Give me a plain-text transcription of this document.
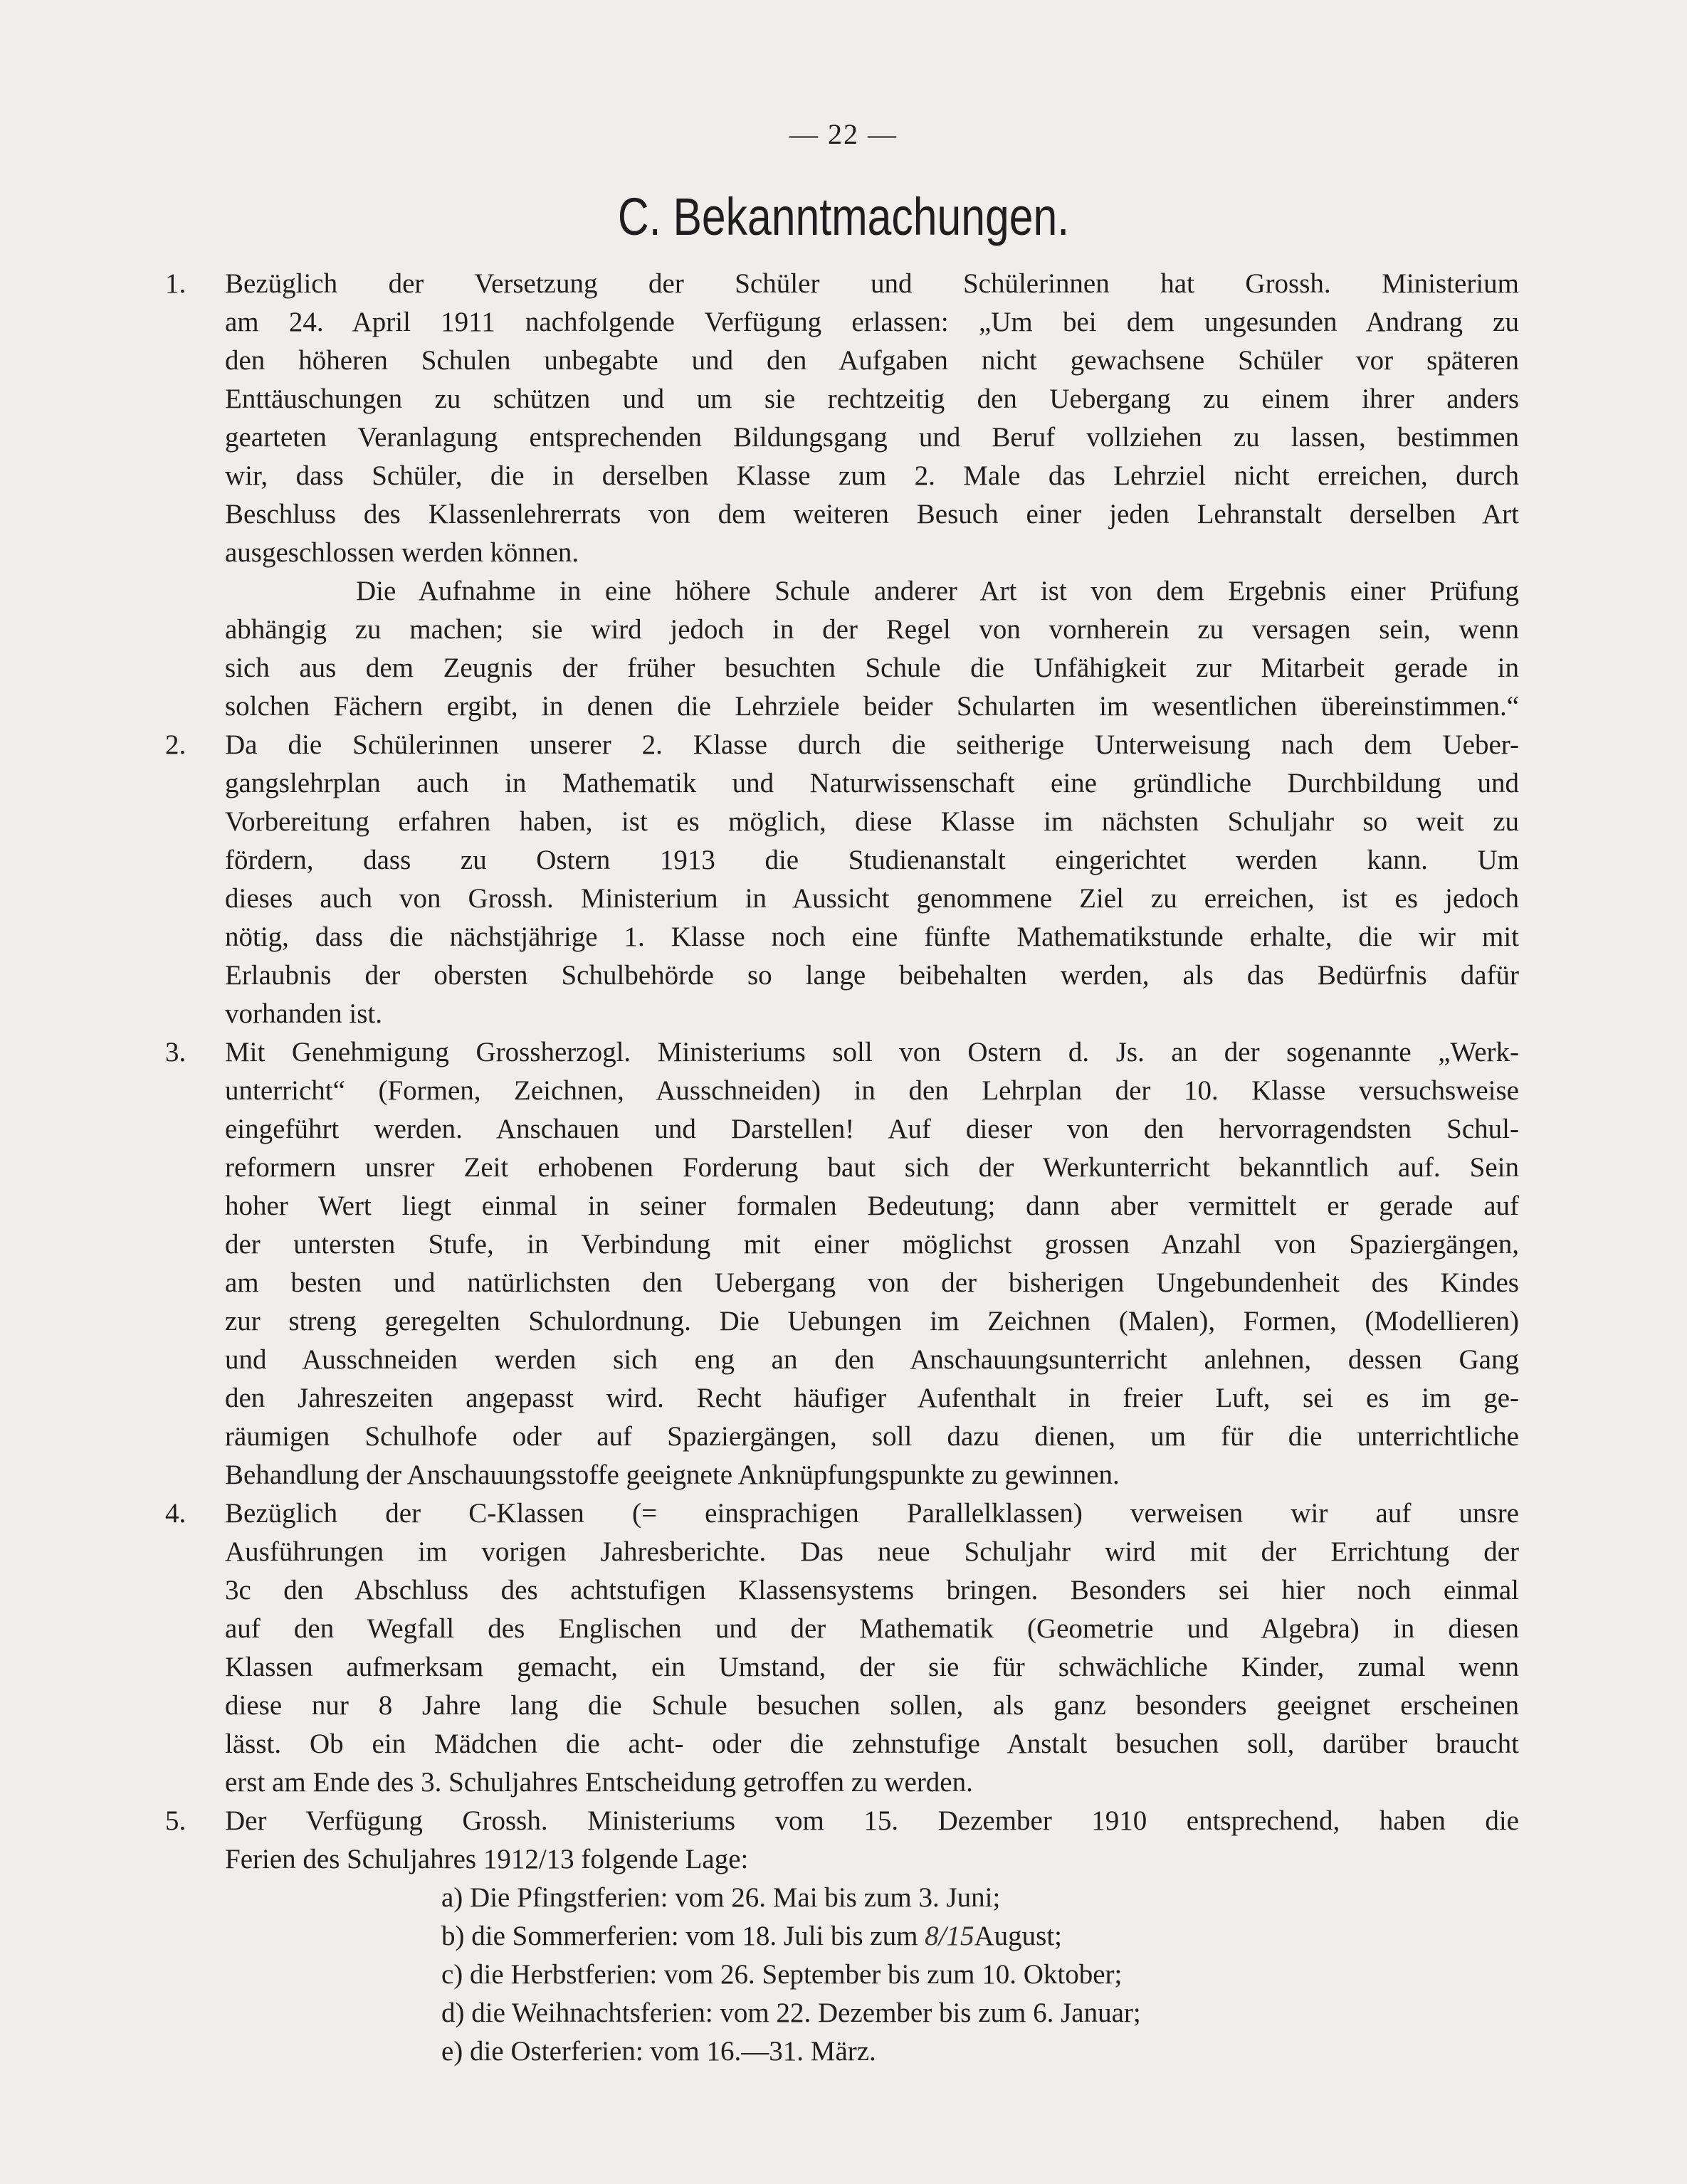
— 22 —
C. Bekanntmachungen.
1. Bezüglich der Versetzung der Schüler und Schülerinnen hat Grossh. Ministerium
am 24. April 1911 nachfolgende Verfügung erlassen: „Um bei dem ungesunden Andrang zu
den höheren Schulen unbegabte und den Aufgaben nicht gewachsene Schüler vor späteren
Enttäuschungen zu schützen und um sie rechtzeitig den Uebergang zu einem ihrer anders
gearteten Veranlagung entsprechenden Bildungsgang und Beruf vollziehen zu lassen, bestimmen
wir, dass Schüler, die in derselben Klasse zum 2. Male das Lehrziel nicht erreichen, durch
Beschluss des Klassenlehrerrats von dem weiteren Besuch einer jeden Lehranstalt derselben Art
ausgeschlossen werden können.
Die Aufnahme in eine höhere Schule anderer Art ist von dem Ergebnis einer Prüfung
abhängig zu machen; sie wird jedoch in der Regel von vornherein zu versagen sein, wenn
sich aus dem Zeugnis der früher besuchten Schule die Unfähigkeit zur Mitarbeit gerade in
solchen Fächern ergibt, in denen die Lehrziele beider Schularten im wesentlichen übereinstimmen.“
2. Da die Schülerinnen unserer 2. Klasse durch die seitherige Unterweisung nach dem Ueber-
gangslehrplan auch in Mathematik und Naturwissenschaft eine gründliche Durchbildung und
Vorbereitung erfahren haben, ist es möglich, diese Klasse im nächsten Schuljahr so weit zu
fördern, dass zu Ostern 1913 die Studienanstalt eingerichtet werden kann. Um
dieses auch von Grossh. Ministerium in Aussicht genommene Ziel zu erreichen, ist es jedoch
nötig, dass die nächstjährige 1. Klasse noch eine fünfte Mathematikstunde erhalte, die wir mit
Erlaubnis der obersten Schulbehörde so lange beibehalten werden, als das Bedürfnis dafür
vorhanden ist.
3. Mit Genehmigung Grossherzogl. Ministeriums soll von Ostern d. Js. an der sogenannte „Werk-
unterricht“ (Formen, Zeichnen, Ausschneiden) in den Lehrplan der 10. Klasse versuchsweise
eingeführt werden. Anschauen und Darstellen! Auf dieser von den hervorragendsten Schul-
reformern unsrer Zeit erhobenen Forderung baut sich der Werkunterricht bekanntlich auf. Sein
hoher Wert liegt einmal in seiner formalen Bedeutung; dann aber vermittelt er gerade auf
der untersten Stufe, in Verbindung mit einer möglichst grossen Anzahl von Spaziergängen,
am besten und natürlichsten den Uebergang von der bisherigen Ungebundenheit des Kindes
zur streng geregelten Schulordnung. Die Uebungen im Zeichnen (Malen), Formen, (Modellieren)
und Ausschneiden werden sich eng an den Anschauungsunterricht anlehnen, dessen Gang
den Jahreszeiten angepasst wird. Recht häufiger Aufenthalt in freier Luft, sei es im ge-
räumigen Schulhofe oder auf Spaziergängen, soll dazu dienen, um für die unterrichtliche
Behandlung der Anschauungsstoffe geeignete Anknüpfungspunkte zu gewinnen.
4. Bezüglich der C-Klassen (= einsprachigen Parallelklassen) verweisen wir auf unsre
Ausführungen im vorigen Jahresberichte. Das neue Schuljahr wird mit der Errichtung der
3c den Abschluss des achtstufigen Klassensystems bringen. Besonders sei hier noch einmal
auf den Wegfall des Englischen und der Mathematik (Geometrie und Algebra) in diesen
Klassen aufmerksam gemacht, ein Umstand, der sie für schwächliche Kinder, zumal wenn
diese nur 8 Jahre lang die Schule besuchen sollen, als ganz besonders geeignet erscheinen
lässt. Ob ein Mädchen die acht- oder die zehnstufige Anstalt besuchen soll, darüber braucht
erst am Ende des 3. Schuljahres Entscheidung getroffen zu werden.
5. Der Verfügung Grossh. Ministeriums vom 15. Dezember 1910 entsprechend, haben die
Ferien des Schuljahres 1912/13 folgende Lage:
a) Die Pfingstferien: vom 26. Mai bis zum 3. Juni;
b) die Sommerferien: vom 18. Juli bis zum 8/15August;
c) die Herbstferien: vom 26. September bis zum 10. Oktober;
d) die Weihnachtsferien: vom 22. Dezember bis zum 6. Januar;
e) die Osterferien: vom 16.—31. März.
